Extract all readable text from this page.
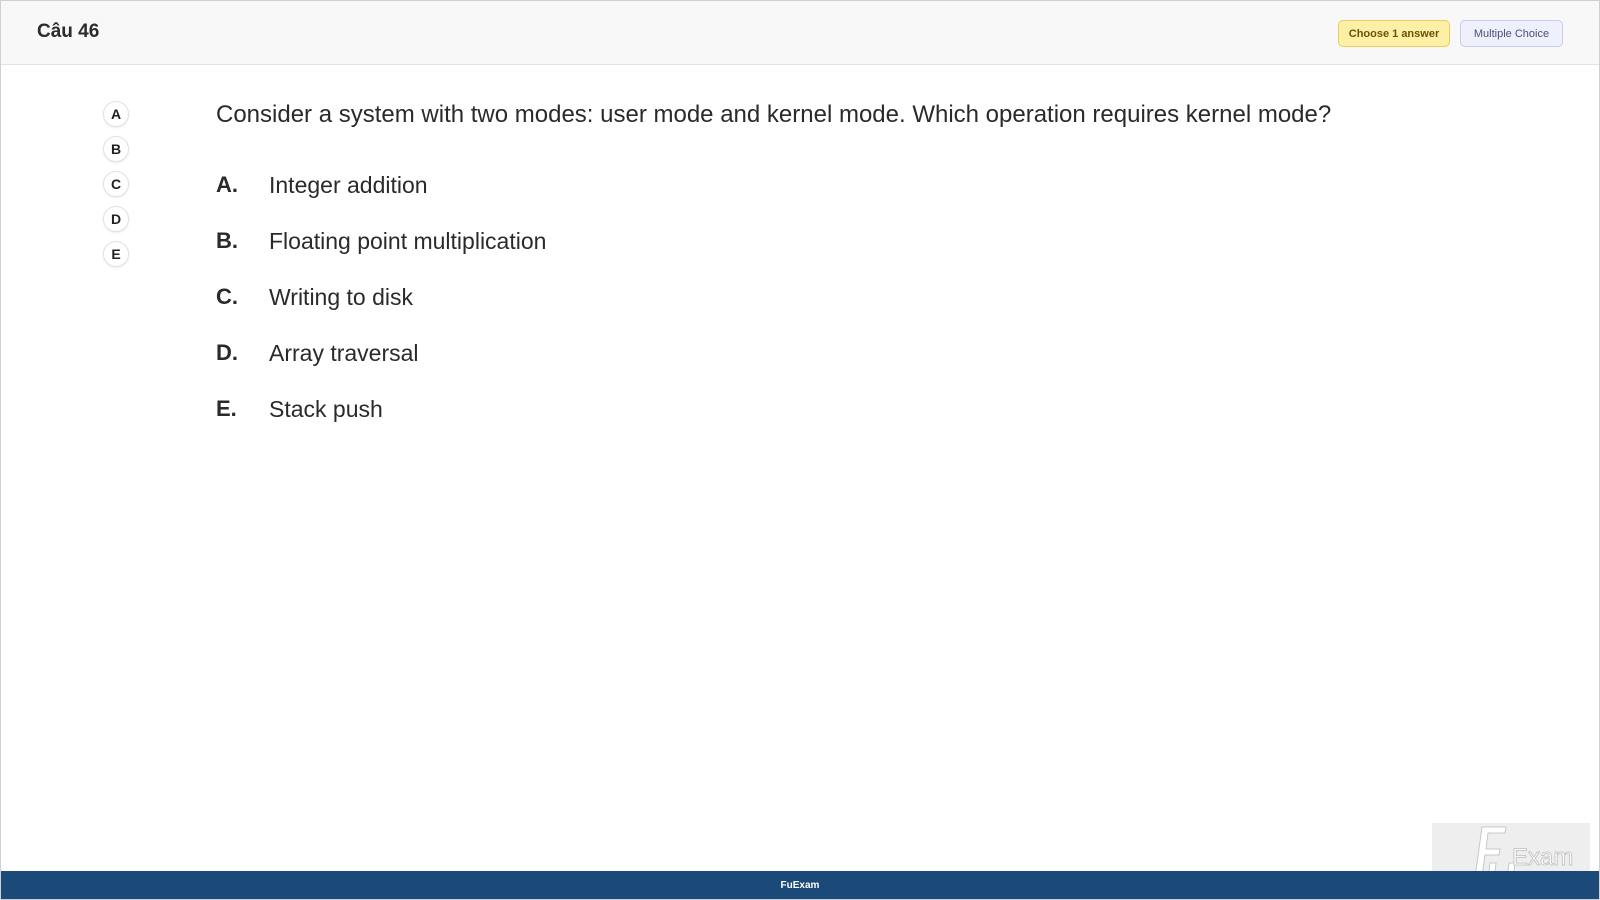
Câu 46	Choose 1 answer	Multiple Choice
A
B
C
D
E
Consider a system with two modes: user mode and kernel mode. Which operation requires kernel mode?
A.	Integer addition
B.	Floating point multiplication
C.	Writing to disk
D.	Array traversal
E.	Stack push
Exam
FuExam
